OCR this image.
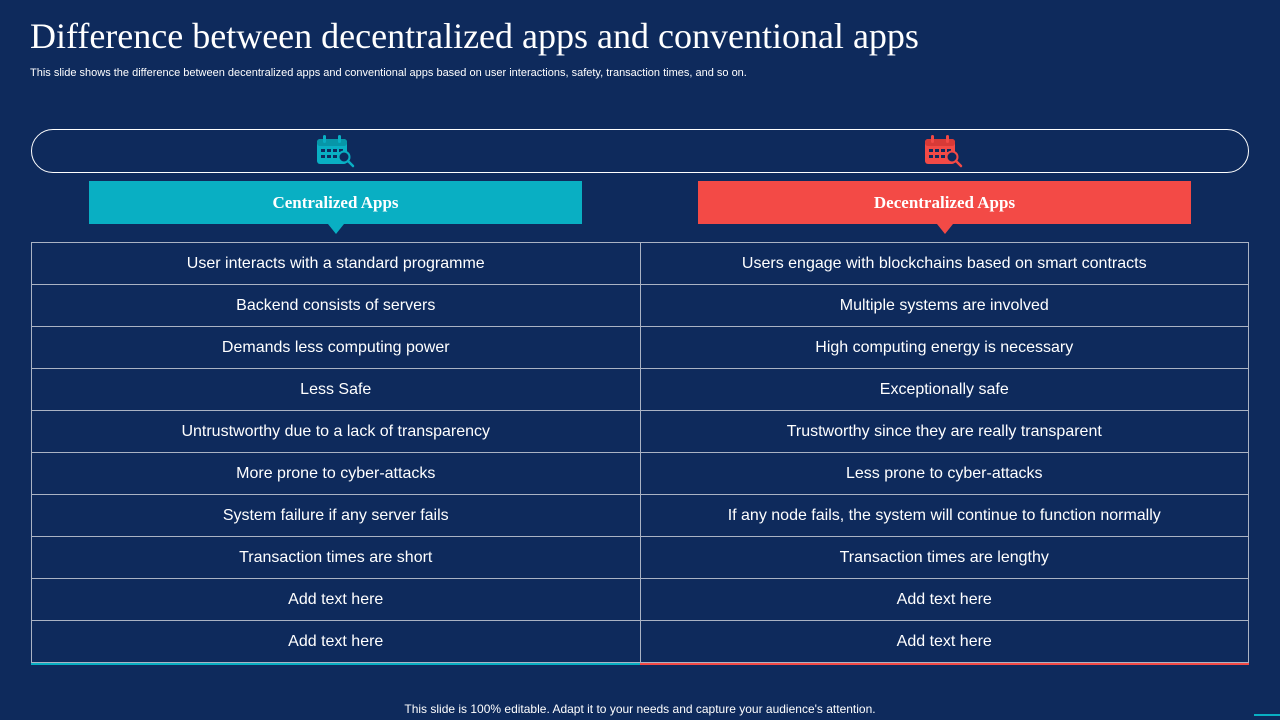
Difference between decentralized apps and conventional apps
This slide shows the difference between decentralized apps and conventional apps based on user interactions, safety, transaction times, and so on.
Centralized Apps	Decentralized Apps
User interacts with a standard programme	Users engage with blockchains based on smart contracts
Backend consists of servers	Multiple systems are involved
Demands less computing power	High computing energy is necessary
Less Safe	Exceptionally safe
Untrustworthy due to a lack of transparency	Trustworthy since they are really transparent
More prone to cyber-attacks	Less prone to cyber-attacks
System failure if any server fails	If any node fails, the system will continue to function normally
Transaction times are short	Transaction times are lengthy
Add text here	Add text here
Add text here	Add text here
This slide is 100% editable. Adapt it to your needs and capture your audience's attention.
